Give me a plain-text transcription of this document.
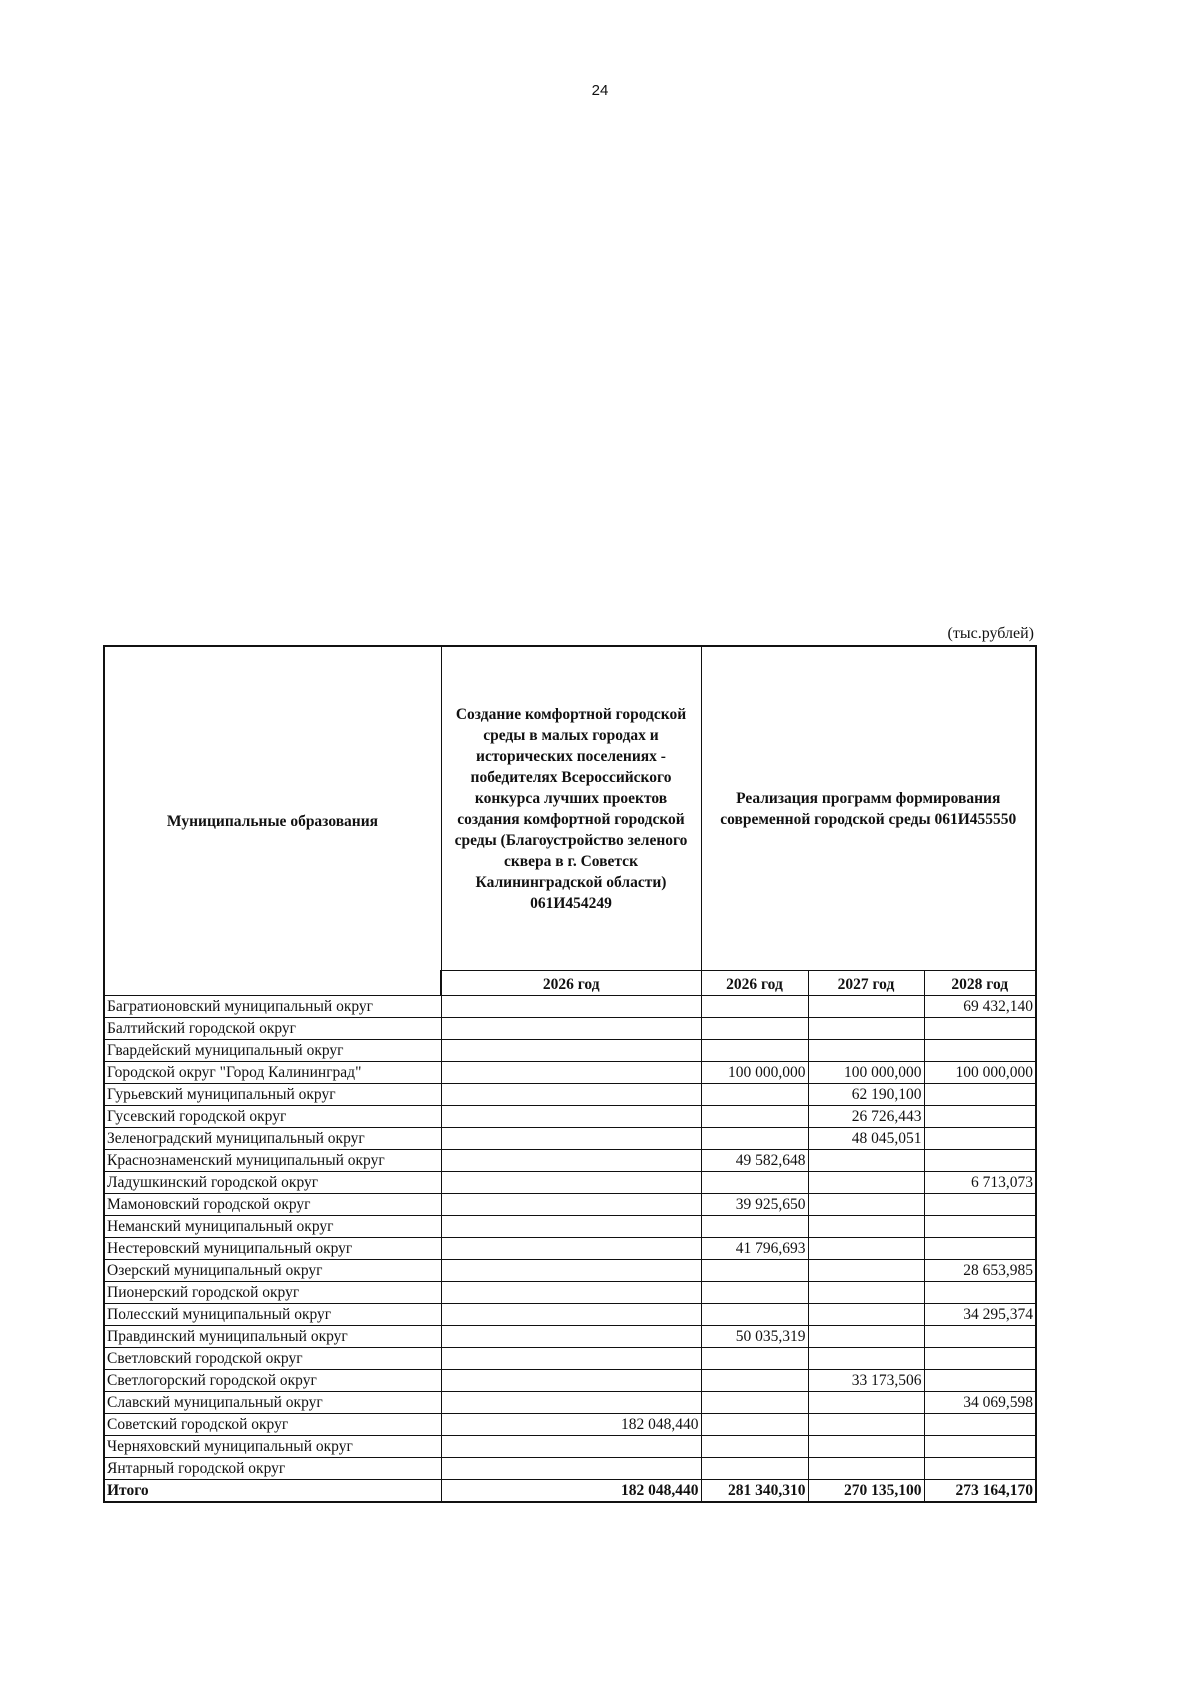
24
(тыс.рублей)
Муниципальные образования	Создание комфортной городской среды в малых городах и исторических поселениях - победителях Всероссийского конкурса лучших проектов создания комфортной городской среды (Благоустройство зеленого сквера в г. Советск Калининградской области) 061И454249	Реализация программ формирования современной городской среды 061И455550		
	2026 год	2026 год	2027 год	2028 год
Багратионовский муниципальный округ				69 432,140
Балтийский городской округ				
Гвардейский муниципальный округ				
Городской округ "Город Калининград"		100 000,000	100 000,000	100 000,000
Гурьевский муниципальный округ			62 190,100	
Гусевский городской округ			26 726,443	
Зеленоградский муниципальный округ			48 045,051	
Краснознаменский муниципальный округ		49 582,648		
Ладушкинский городской округ				6 713,073
Мамоновский городской округ		39 925,650		
Неманский муниципальный округ				
Нестеровский муниципальный округ		41 796,693		
Озерский муниципальный округ				28 653,985
Пионерский городской округ				
Полесский муниципальный округ				34 295,374
Правдинский муниципальный округ		50 035,319		
Светловский городской округ				
Светлогорский городской округ			33 173,506	
Славский муниципальный округ				34 069,598
Советский городской округ	182 048,440			
Черняховский муниципальный округ				
Янтарный городской округ				
Итого	182 048,440	281 340,310	270 135,100	273 164,170
